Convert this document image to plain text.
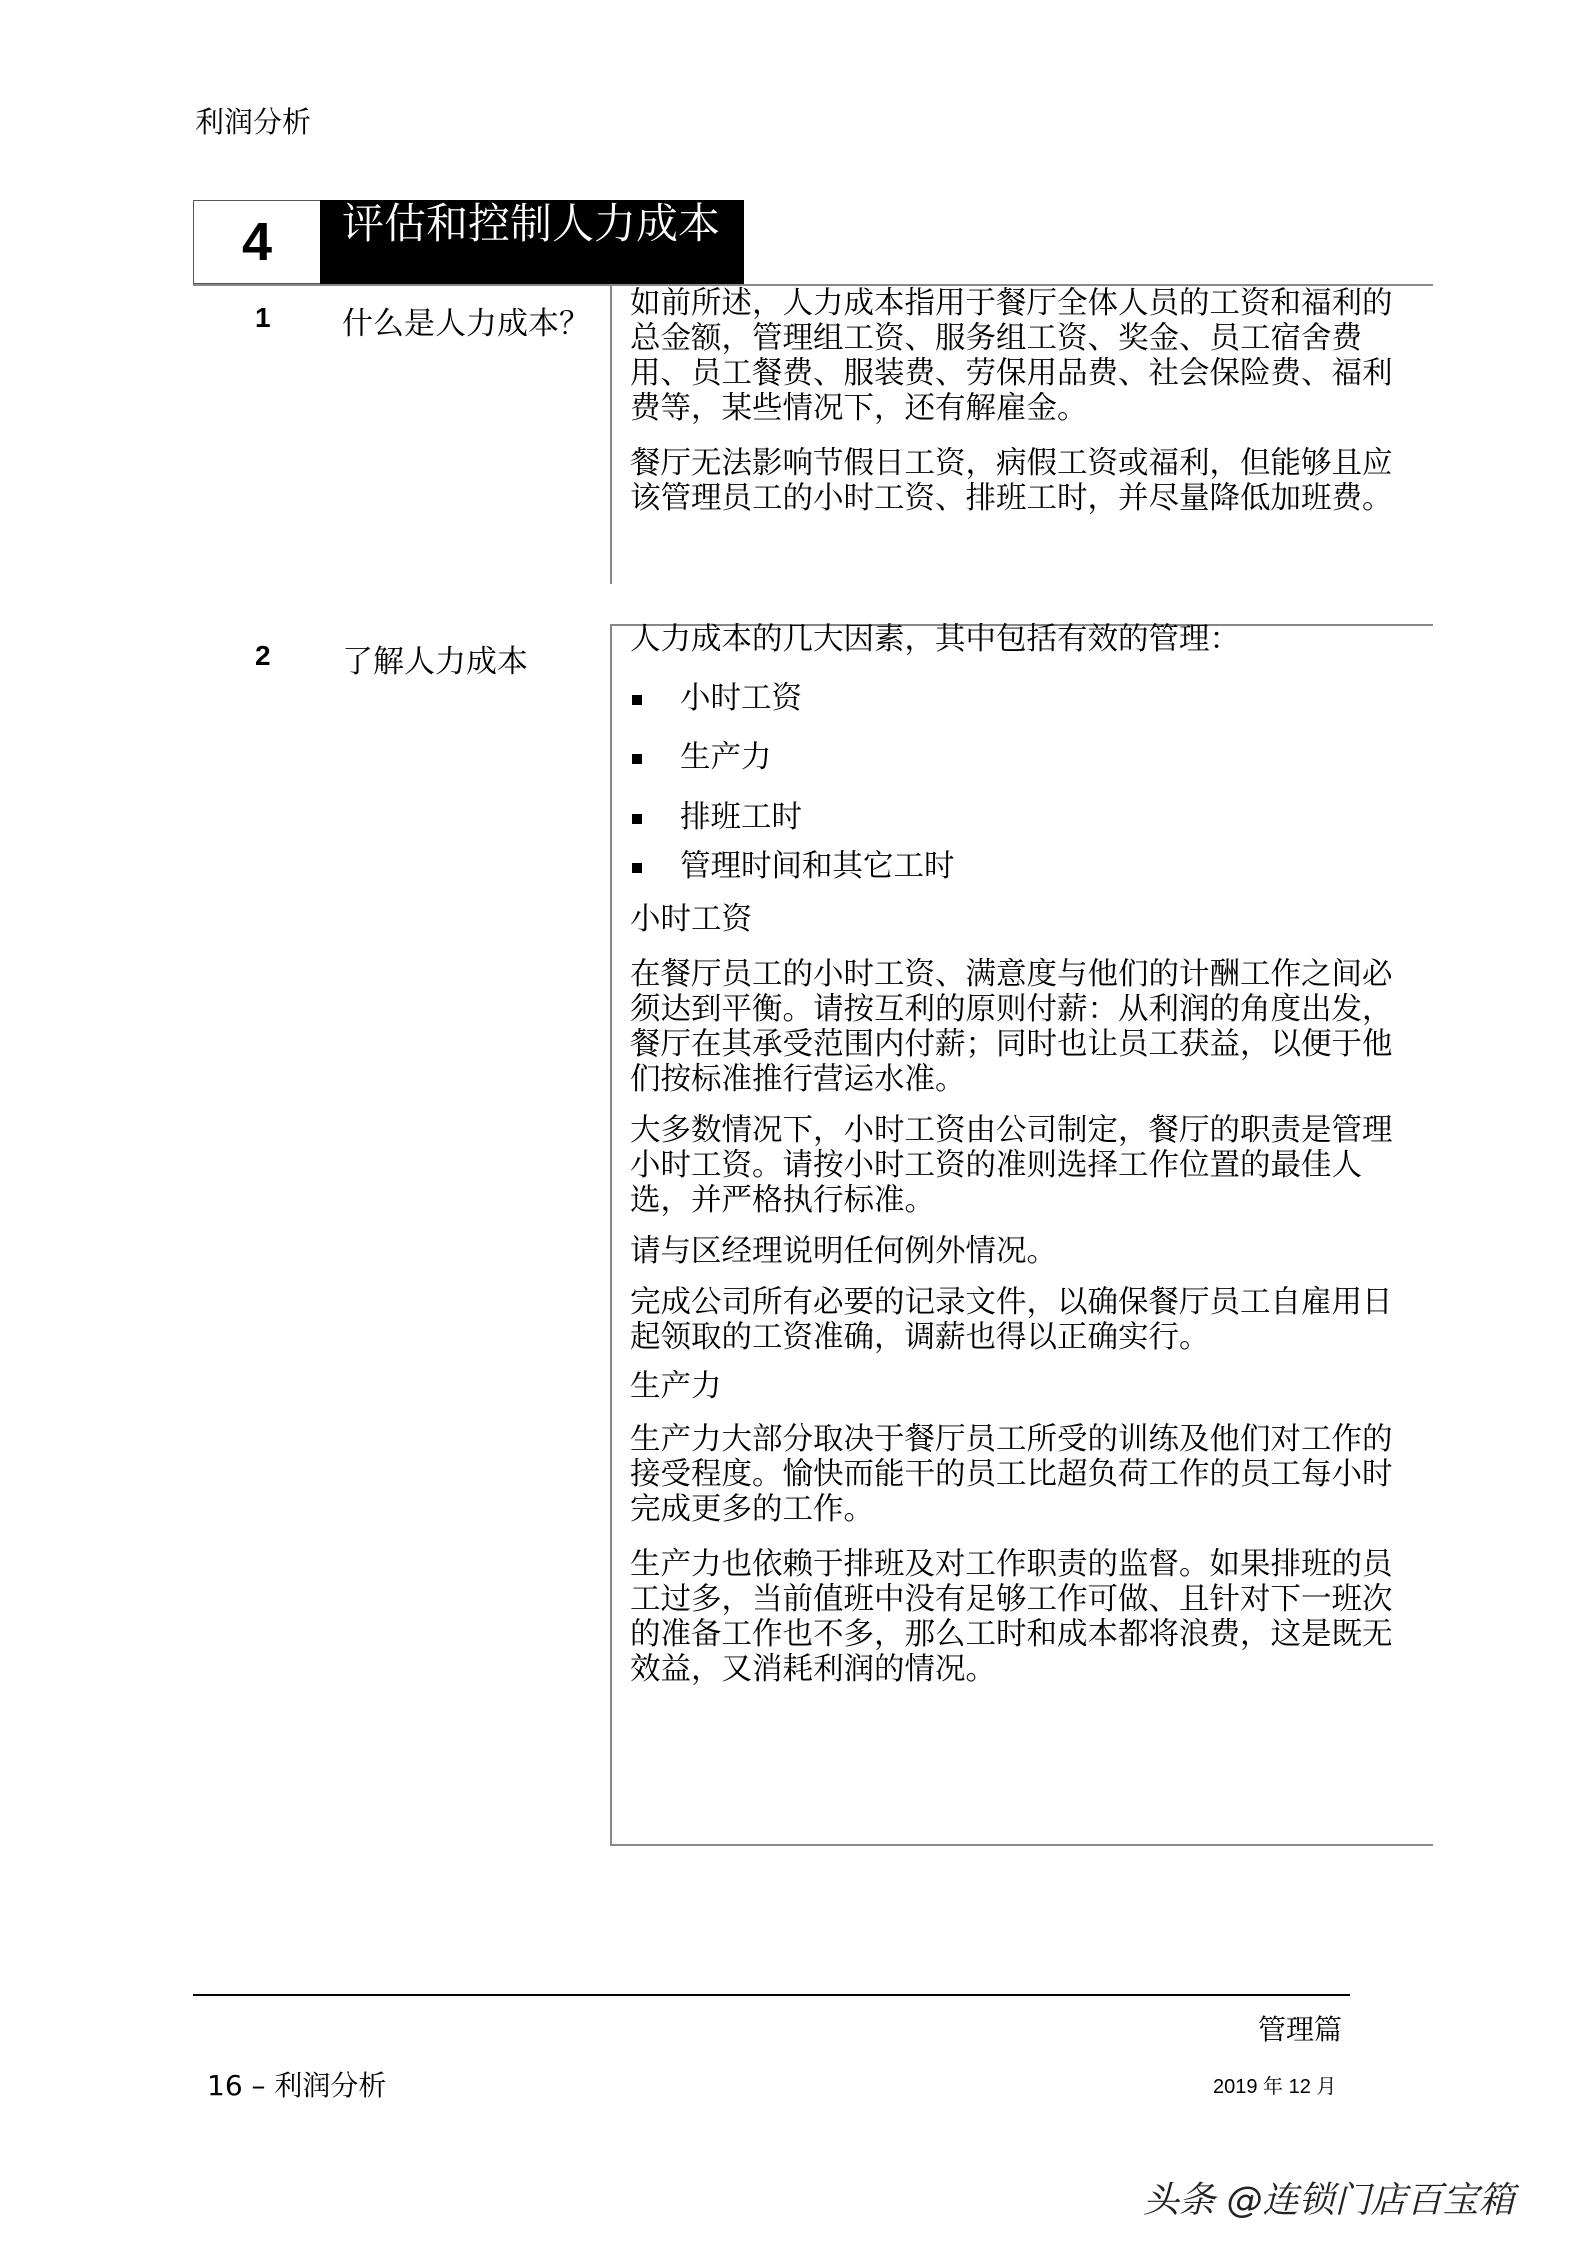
利润分析
4	评估和控制人力成本
1 什么是人力成本？

如前所述，人力成本指用于餐厅全体人员的工资和福利的总金额，管理组工资、服务组工资、奖金、员工宿舍费用、员工餐费、服装费、劳保用品费、社会保险费、福利费等，某些情况下，还有解雇金。

餐厅无法影响节假日工资，病假工资或福利，但能够且应该管理员工的小时工资、排班工时，并尽量降低加班费。

2 了解人力成本

人力成本的几大因素，其中包括有效的管理：

小时工资
生产力
排班工时
管理时间和其它工时

小时工资

在餐厅员工的小时工资、满意度与他们的计酬工作之间必须达到平衡。请按互利的原则付薪：从利润的角度出发，餐厅在其承受范围内付薪；同时也让员工获益，以便于他们按标准推行营运水准。

大多数情况下，小时工资由公司制定，餐厅的职责是管理小时工资。请按小时工资的准则选择工作位置的最佳人选，并严格执行标准。

请与区经理说明任何例外情况。

完成公司所有必要的记录文件，以确保餐厅员工自雇用日起领取的工资准确，调薪也得以正确实行。

生产力

生产力大部分取决于餐厅员工所受的训练及他们对工作的接受程度。愉快而能干的员工比超负荷工作的员工每小时完成更多的工作。

生产力也依赖于排班及对工作职责的监督。如果排班的员工过多，当前值班中没有足够工作可做、且针对下一班次的准备工作也不多，那么工时和成本都将浪费，这是既无效益，又消耗利润的情况。

管理篇
16 – 利润分析	2019 年 12 月
头条 @连锁门店百宝箱
